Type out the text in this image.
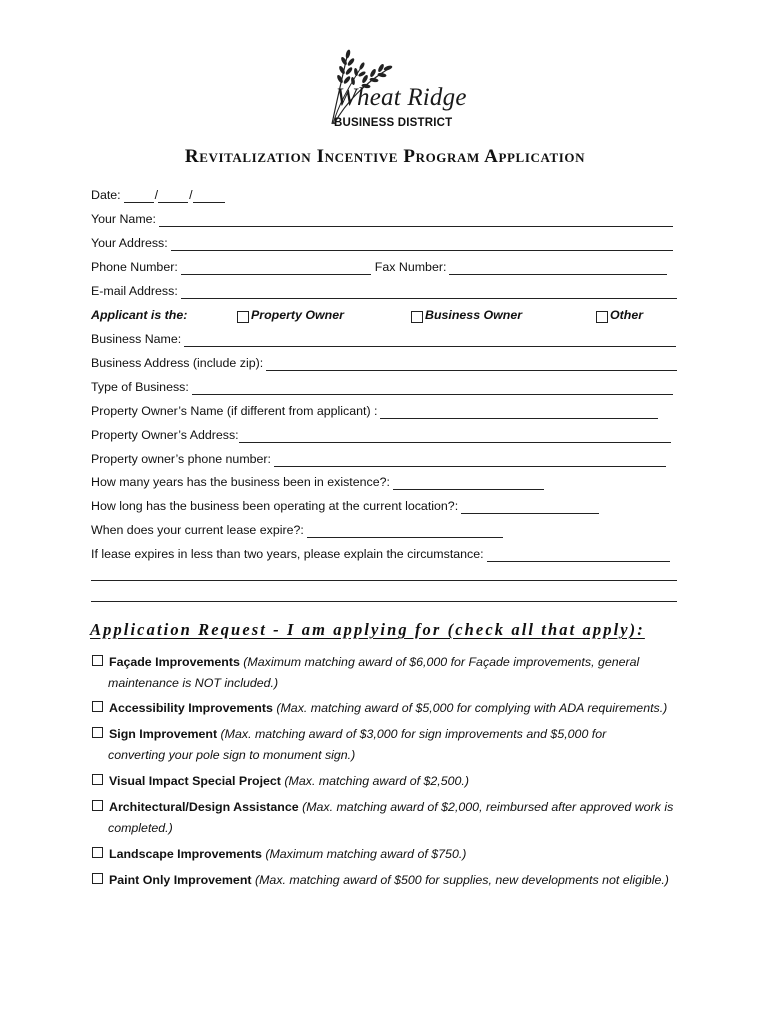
Wheat Ridge
BUSINESS DISTRICT
Revitalization Incentive Program Application
Date:	/	/
Your Name:
Your Address:
Phone Number:	Fax Number:
E-mail Address:
Applicant is the:	Property Owner	Business Owner	Other
Business Name:
Business Address (include zip):
Type of Business:
Property Owner’s Name (if different from applicant) :
Property Owner’s Address:
Property owner’s phone number:
How many years has the business been in existence?:
How long has the business been operating at the current location?:
When does your current lease expire?:
If lease expires in less than two years, please explain the circumstance:
Application Request - I am applying for (check all that apply):
Façade Improvements (Maximum matching award of $6,000 for Façade improvements, general
maintenance is NOT included.)
Accessibility Improvements (Max. matching award of $5,000 for complying with ADA requirements.)
Sign Improvement (Max. matching award of $3,000 for sign improvements and $5,000 for
converting your pole sign to monument sign.)
Visual Impact Special Project (Max. matching award of $2,500.)
Architectural/Design Assistance (Max. matching award of $2,000, reimbursed after approved work is
completed.)
Landscape Improvements (Maximum matching award of $750.)
Paint Only Improvement (Max. matching award of $500 for supplies, new developments not eligible.)
